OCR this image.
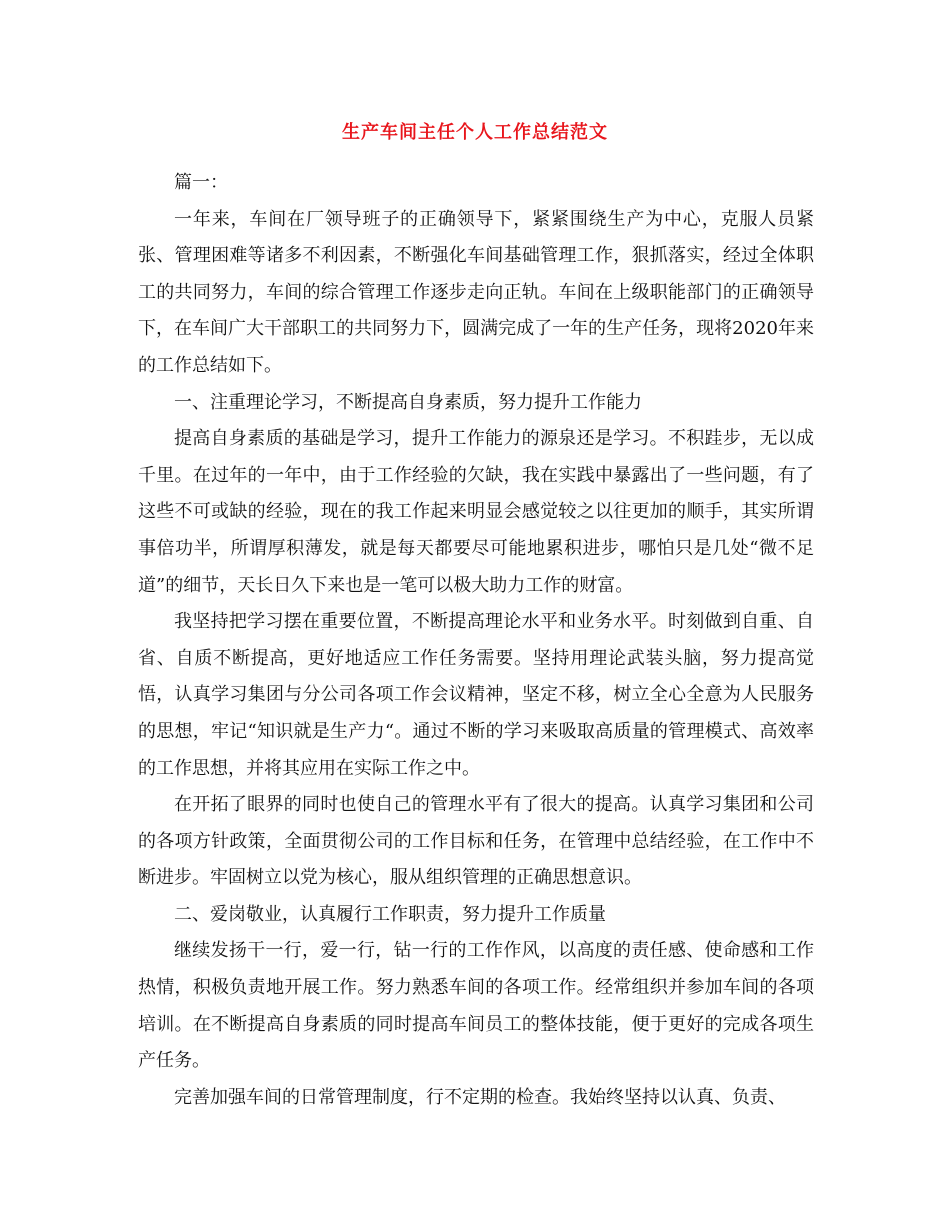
生产车间主任个人工作总结范文

篇一：

一年来，车间在厂领导班子的正确领导下，紧紧围绕生产为中心，克服人员紧张、管理困难等诸多不利因素，不断强化车间基础管理工作，狠抓落实，经过全体职工的共同努力，车间的综合管理工作逐步走向正轨。车间在上级职能部门的正确领导下，在车间广大干部职工的共同努力下，圆满完成了一年的生产任务，现将2020年来的工作总结如下。

一、注重理论学习，不断提高自身素质，努力提升工作能力

提高自身素质的基础是学习，提升工作能力的源泉还是学习。不积跬步，无以成千里。在过年的一年中，由于工作经验的欠缺，我在实践中暴露出了一些问题，有了这些不可或缺的经验，现在的我工作起来明显会感觉较之以往更加的顺手，其实所谓事倍功半，所谓厚积薄发，就是每天都要尽可能地累积进步，哪怕只是几处“微不足道”的细节，天长日久下来也是一笔可以极大助力工作的财富。

我坚持把学习摆在重要位置，不断提高理论水平和业务水平。时刻做到自重、自省、自质不断提高，更好地适应工作任务需要。坚持用理论武装头脑，努力提高觉悟，认真学习集团与分公司各项工作会议精神，坚定不移，树立全心全意为人民服务的思想，牢记“知识就是生产力“。通过不断的学习来吸取高质量的管理模式、高效率的工作思想，并将其应用在实际工作之中。

在开拓了眼界的同时也使自己的管理水平有了很大的提高。认真学习集团和公司的各项方针政策，全面贯彻公司的工作目标和任务，在管理中总结经验，在工作中不断进步。牢固树立以党为核心，服从组织管理的正确思想意识。

二、爱岗敬业，认真履行工作职责，努力提升工作质量

继续发扬干一行，爱一行，钻一行的工作作风，以高度的责任感、使命感和工作热情，积极负责地开展工作。努力熟悉车间的各项工作。经常组织并参加车间的各项培训。在不断提高自身素质的同时提高车间员工的整体技能，便于更好的完成各项生产任务。

完善加强车间的日常管理制度，行不定期的检查。我始终坚持以认真、负责、
